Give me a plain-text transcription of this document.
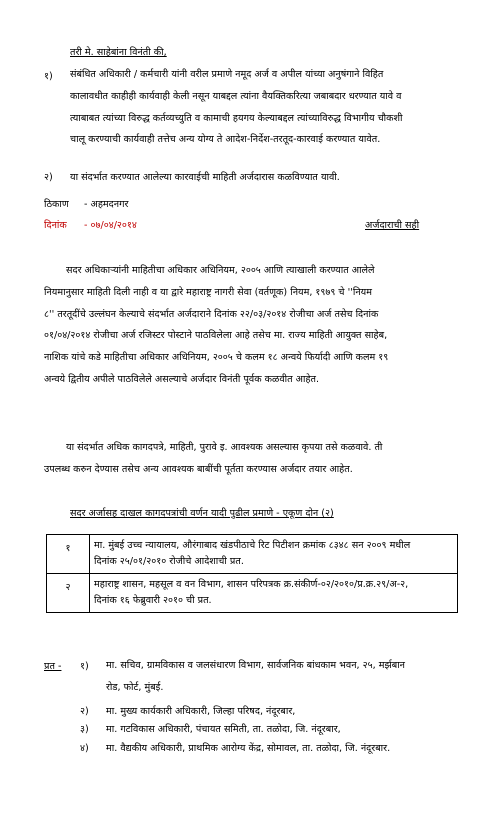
तरी मे. साहेबांना विनंती की,
१) संबंधित अधिकारी / कर्मचारी यांनी वरील प्रमाणे नमूद अर्ज व अपील यांच्या अनुषंगाने विहित
कालावधीत काहीही कार्यवाही केली नसून याबद्दल त्यांना वैयक्तिकरित्या जबाबदार धरण्यात यावे व
त्याबाबत त्यांच्या विरुद्ध कर्तव्यच्युति व कामाची हयगय केल्याबद्दल त्यांच्याविरुद्ध विभागीय चौकशी
चालू करण्याची कार्यवाही तत्तेच अन्य योग्य ते आदेश-निर्देश-तरतूद-कारवाई करण्यात यावेत.
२) या संदर्भात करण्यात आलेल्या कारवाईची माहिती अर्जदारास कळविण्यात यावी.
ठिकाण - अहमदनगर
दिनांक - ०७/०४/२०१४	अर्जदाराची सही
सदर अधिकाऱ्यांनी माहितीचा अधिकार अधिनियम, २००५ आणि त्याखाली करण्यात आलेले
नियमानुसार माहिती दिली नाही व या द्वारे महाराष्ट्र नागरी सेवा (वर्तणूक) नियम, १९७९ चे ''नियम
८'' तरतूदींचे उल्लंघन केल्याचे संदर्भात अर्जदाराने दिनांक २२/०३/२०१४ रोजीचा अर्ज तसेच दिनांक
०१/०४/२०१४ रोजीचा अर्ज रजिस्टर पोस्टाने पाठविलेला आहे तसेच मा. राज्य माहिती आयुक्त साहेब,
नाशिक यांचे कडे माहितीचा अधिकार अधिनियम, २००५ चे कलम १८ अन्वये फिर्यादी आणि कलम १९
अन्वये द्वितीय अपीले पाठविलेले असल्याचे अर्जदार विनंती पूर्वक कळवीत आहेत.
या संदर्भात अधिक कागदपत्रे, माहिती, पुरावे इ. आवश्यक असल्यास कृपया तसे कळवावे. ती
उपलब्ध करुन देण्यास तसेच अन्य आवश्यक बाबींची पूर्तता करण्यास अर्जदार तयार आहेत.
सदर अर्जासह दाखल कागदपत्रांची वर्णन यादी पुढील प्रमाणे - एकूण दोन (२)
१	मा. मुंबई उच्च न्यायालय, औरंगाबाद खंडपीठाचे रिट पिटीशन क्रमांक ८३४८ सन २००९ मधील
दिनांक २५/०१/२०१० रोजीचे आदेशाची प्रत.

२	महाराष्ट्र शासन, महसूल व वन विभाग, शासन परिपत्रक क्र.संकीर्ण-०२/२०१०/प्र.क्र.२९/अ-२,
दिनांक १६ फेब्रुवारी २०१० ची प्रत.
प्रत - १) मा. सचिव, ग्रामविकास व जलसंधारण विभाग, सार्वजनिक बांधकाम भवन, २५, मर्झबान
रोड, फोर्ट, मुंबई.
२) मा. मुख्य कार्यकारी अधिकारी, जिल्हा परिषद, नंदूरबार,
३) मा. गटविकास अधिकारी, पंचायत समिती, ता. तळोदा, जि. नंदूरबार,
४) मा. वैद्यकीय अधिकारी, प्राथमिक आरोग्य केंद्र, सोमावल, ता. तळोदा, जि. नंदूरबार.
